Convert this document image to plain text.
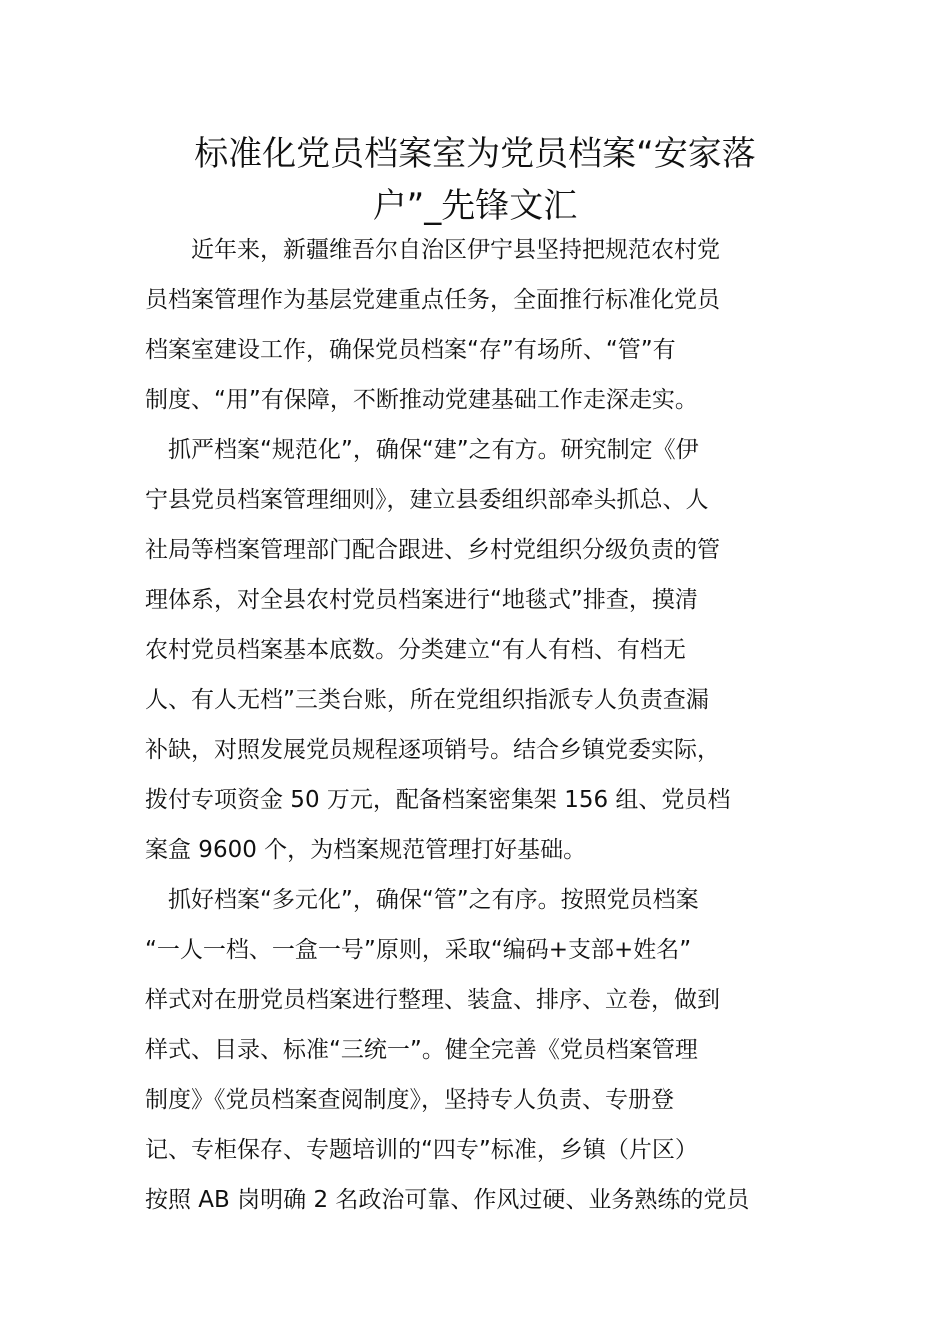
标准化党员档案室为党员档案“安家落
户”_先锋文汇

　　近年来，新疆维吾尔自治区伊宁县坚持把规范农村党

员档案管理作为基层党建重点任务，全面推行标准化党员

档案室建设工作，确保党员档案“存”有场所、“管”有

制度、“用”有保障，不断推动党建基础工作走深走实。

　抓严档案“规范化”，确保“建”之有方。研究制定《伊

宁县党员档案管理细则》，建立县委组织部牵头抓总、人

社局等档案管理部门配合跟进、乡村党组织分级负责的管

理体系，对全县农村党员档案进行“地毯式”排查，摸清

农村党员档案基本底数。分类建立“有人有档、有档无

人、有人无档”三类台账，所在党组织指派专人负责查漏

补缺，对照发展党员规程逐项销号。结合乡镇党委实际，

拨付专项资金 50 万元，配备档案密集架 156 组、党员档

案盒 9600 个，为档案规范管理打好基础。

　抓好档案“多元化”，确保“管”之有序。按照党员档案

“一人一档、一盒一号”原则，采取“编码+支部+姓名”

样式对在册党员档案进行整理、装盒、排序、立卷，做到

样式、目录、标准“三统一”。健全完善《党员档案管理

制度》《党员档案查阅制度》，坚持专人负责、专册登

记、专柜保存、专题培训的“四专”标准，乡镇（片区）

按照 AB 岗明确 2 名政治可靠、作风过硬、业务熟练的党员
